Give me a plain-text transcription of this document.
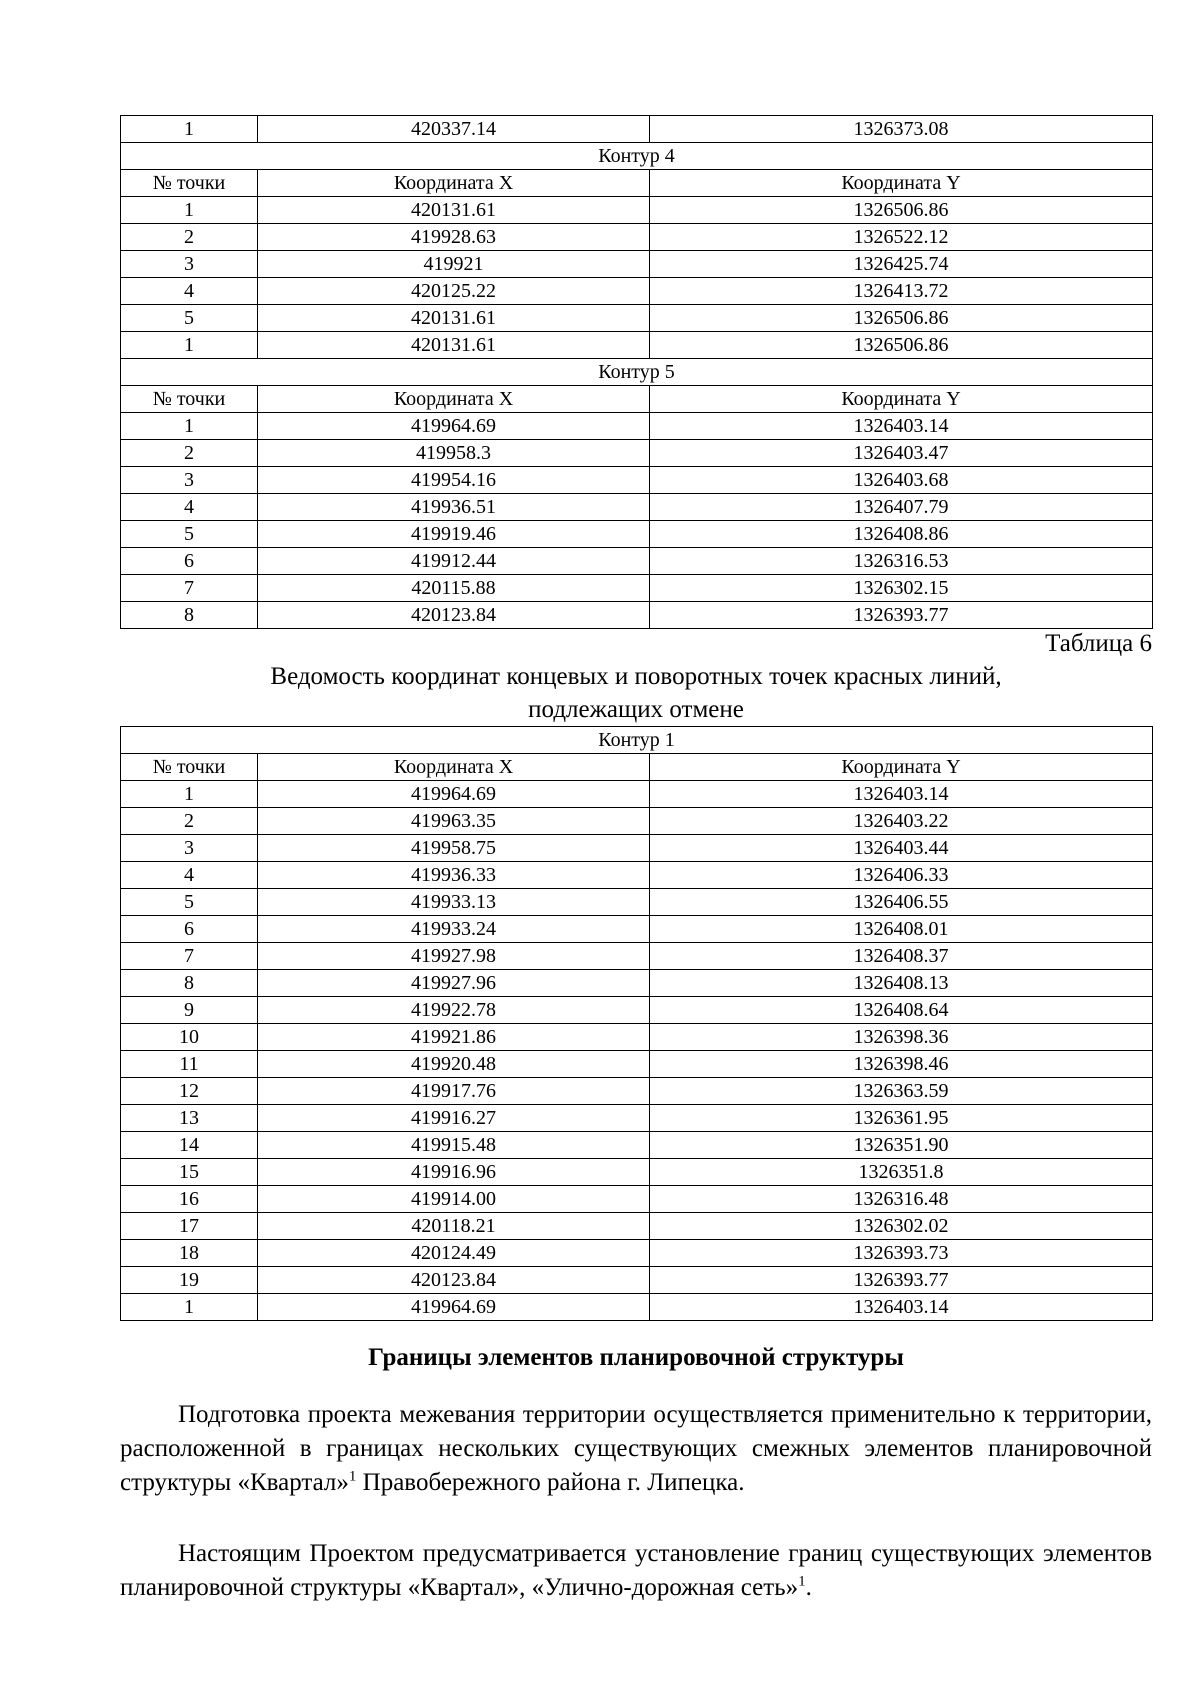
1	420337.14	1326373.08
Контур 4		
№ точки	Координата X	Координата Y
1	420131.61	1326506.86
2	419928.63	1326522.12
3	419921	1326425.74
4	420125.22	1326413.72
5	420131.61	1326506.86
1	420131.61	1326506.86
Контур 5		
№ точки	Координата X	Координата Y
1	419964.69	1326403.14
2	419958.3	1326403.47
3	419954.16	1326403.68
4	419936.51	1326407.79
5	419919.46	1326408.86
6	419912.44	1326316.53
7	420115.88	1326302.15
8	420123.84	1326393.77
Таблица 6
Ведомость координат концевых и поворотных точек красных линий,
подлежащих отмене
Контур 1		
№ точки	Координата X	Координата Y
1	419964.69	1326403.14
2	419963.35	1326403.22
3	419958.75	1326403.44
4	419936.33	1326406.33
5	419933.13	1326406.55
6	419933.24	1326408.01
7	419927.98	1326408.37
8	419927.96	1326408.13
9	419922.78	1326408.64
10	419921.86	1326398.36
11	419920.48	1326398.46
12	419917.76	1326363.59
13	419916.27	1326361.95
14	419915.48	1326351.90
15	419916.96	1326351.8
16	419914.00	1326316.48
17	420118.21	1326302.02
18	420124.49	1326393.73
19	420123.84	1326393.77
1	419964.69	1326403.14
Границы элементов планировочной структуры
Подготовка проекта межевания территории осуществляется применительно к территории, расположенной в границах нескольких существующих смежных элементов планировочной структуры «Квартал»$^1$ Правобережного района г. Липецка.
Настоящим Проектом предусматривается установление границ существующих элементов планировочной структуры «Квартал», «Улично-дорожная сеть»$^1$.
